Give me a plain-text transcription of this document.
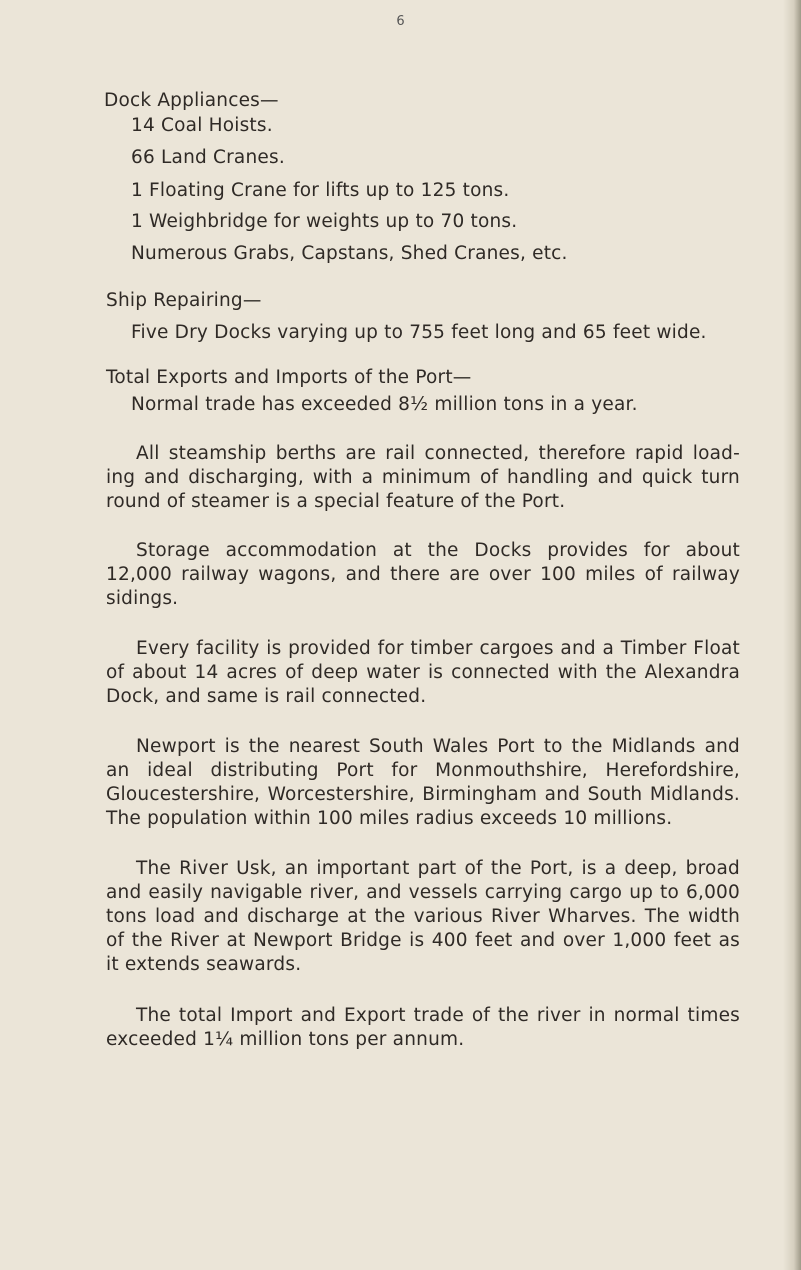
6
Dock Appliances—
14 Coal Hoists.
66 Land Cranes.
1 Floating Crane for lifts up to 125 tons.
1 Weighbridge for weights up to 70 tons.
Numerous Grabs, Capstans, Shed Cranes, etc.
Ship Repairing—
Five Dry Docks varying up to 755 feet long and 65 feet wide.
Total Exports and Imports of the Port—
Normal trade has exceeded 8½ million tons in a year.
All steamship berths are rail connected, therefore rapid load-ing and discharging, with a minimum of handling and quick turn round of steamer is a special feature of the Port.
Storage accommodation at the Docks provides for about 12,000 railway wagons, and there are over 100 miles of railway sidings.
Every facility is provided for timber cargoes and a Timber Float of about 14 acres of deep water is connected with the Alexandra Dock, and same is rail connected.
Newport is the nearest South Wales Port to the Midlands and an ideal distributing Port for Monmouthshire, Herefordshire, Gloucestershire, Worcestershire, Birmingham and South Midlands. The population within 100 miles radius exceeds 10 millions.
The River Usk, an important part of the Port, is a deep, broad and easily navigable river, and vessels carrying cargo up to 6,000 tons load and discharge at the various River Wharves. The width of the River at Newport Bridge is 400 feet and over 1,000 feet as it extends seawards.
The total Import and Export trade of the river in normal times exceeded 1¼ million tons per annum.
